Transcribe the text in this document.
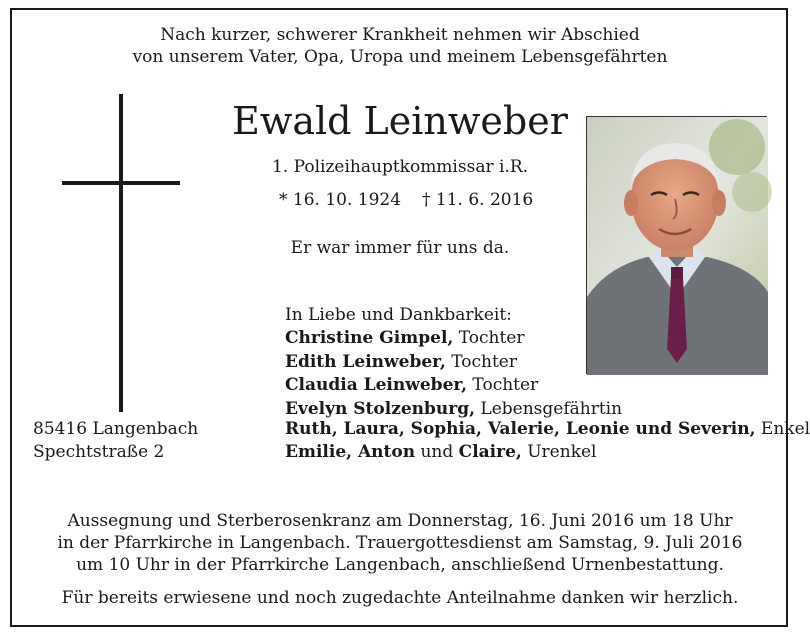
Nach kurzer, schwerer Krankheit nehmen wir Abschied
von unserem Vater, Opa, Uropa und meinem Lebensgefährten
Ewald Leinweber
1. Polizeihauptkommissar i.R.
* 16. 10. 1924 † 11. 6. 2016
Er war immer für uns da.
85416 Langenbach
Spechtstraße 2
In Liebe und Dankbarkeit:
Christine Gimpel, Tochter
Edith Leinweber, Tochter
Claudia Leinweber, Tochter
Evelyn Stolzenburg, Lebensgefährtin
Ruth, Laura, Sophia, Valerie, Leonie und Severin, Enkel
Emilie, Anton und Claire, Urenkel
Aussegnung und Sterberosenkranz am Donnerstag, 16. Juni 2016 um 18 Uhr
in der Pfarrkirche in Langenbach. Trauergottesdienst am Samstag, 9. Juli 2016
um 10 Uhr in der Pfarrkirche Langenbach, anschließend Urnenbestattung.
Für bereits erwiesene und noch zugedachte Anteilnahme danken wir herzlich.
